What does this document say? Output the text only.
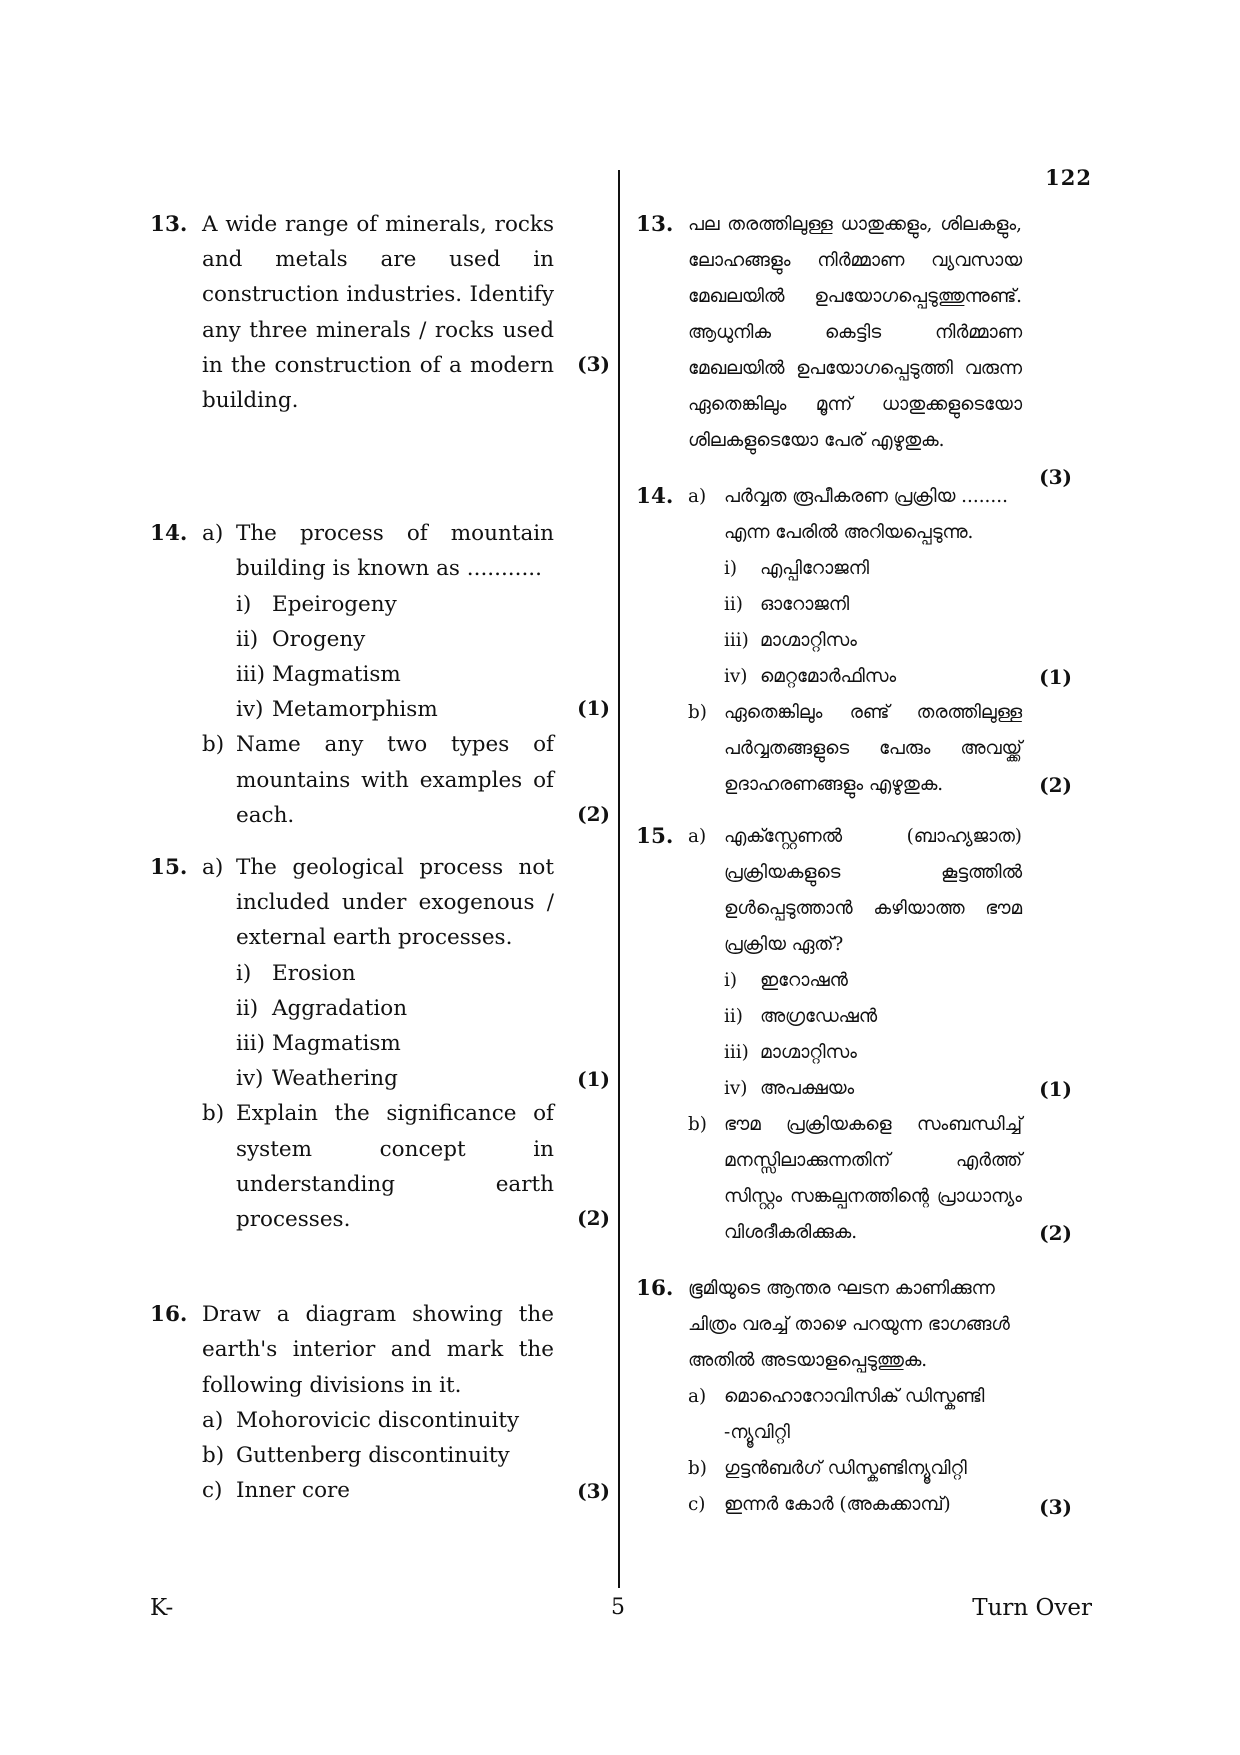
122
13. A wide range of minerals, rocks and metals are used in construction industries. Identify any three minerals / rocks used in the construction of a modern building.
(3)
14. a) The process of mountain building is known as ...........
i) Epeirogeny
ii) Orogeny
iii) Magmatism
iv) Metamorphism	(1)
b) Name any two types of mountains with examples of each.	(2)
15. a) The geological process not included under exogenous / external earth processes.
i) Erosion
ii) Aggradation
iii) Magmatism
iv) Weathering	(1)
b) Explain the significance of system concept in understanding earth processes.	(2)
16. Draw a diagram showing the earth's interior and mark the following divisions in it.
a) Mohorovicic discontinuity
b) Guttenberg discontinuity
c) Inner core	(3)
13. പല തരത്തിലുള്ള ധാതുക്കളും, ശിലകളും, ലോഹങ്ങളും നിർമ്മാണ വ്യവസായ മേഖലയിൽ ഉപയോഗപ്പെടുത്തുന്നുണ്ട്. ആധുനിക കെട്ടിട നിർമ്മാണ മേഖലയിൽ ഉപയോഗപ്പെടുത്തി വരുന്ന ഏതെങ്കിലും മൂന്ന് ധാതുക്കളുടെയോ ശിലകളുടെയോ പേര് എഴുതുക.
(3)
14. a) പർവ്വത രൂപീകരണ പ്രക്രിയ ........ എന്ന പേരിൽ അറിയപ്പെടുന്നു.
i) എപ്പിറോജനി
ii) ഓറോജനി
iii) മാഗ്മാറ്റിസം
iv) മെറ്റമോർഫിസം	(1)
b) ഏതെങ്കിലും രണ്ട് തരത്തിലുള്ള പർവ്വതങ്ങളുടെ പേരും അവയ്ക്ക് ഉദാഹരണങ്ങളും എഴുതുക.	(2)
15. a) എക്സ്റ്റേണൽ (ബാഹ്യജാത) പ്രക്രിയകളുടെ കൂട്ടത്തിൽ ഉൾപ്പെടുത്താൻ കഴിയാത്ത ഭൗമ പ്രക്രിയ ഏത്?
i) ഇറോഷൻ
ii) അഗ്രഡേഷൻ
iii) മാഗ്മാറ്റിസം
iv) അപക്ഷയം	(1)
b) ഭൗമ പ്രക്രിയകളെ സംബന്ധിച്ച് മനസ്സിലാക്കുന്നതിന് എർത്ത് സിസ്റ്റം സങ്കല്പനത്തിന്റെ പ്രാധാന്യം വിശദീകരിക്കുക.	(2)
16. ഭൂമിയുടെ ആന്തര ഘടന കാണിക്കുന്ന ചിത്രം വരച്ച് താഴെ പറയുന്ന ഭാഗങ്ങൾ അതിൽ അടയാളപ്പെടുത്തുക.
a) മൊഹൊറോവിസിക് ഡിസ്കണ്ടി -ന്യൂവിറ്റി
b) ഗുട്ടൻബർഗ് ഡിസ്കണ്ടിന്യൂവിറ്റി
c) ഇന്നർ കോർ (അകക്കാമ്പ്)	(3)
K-	5	Turn Over
